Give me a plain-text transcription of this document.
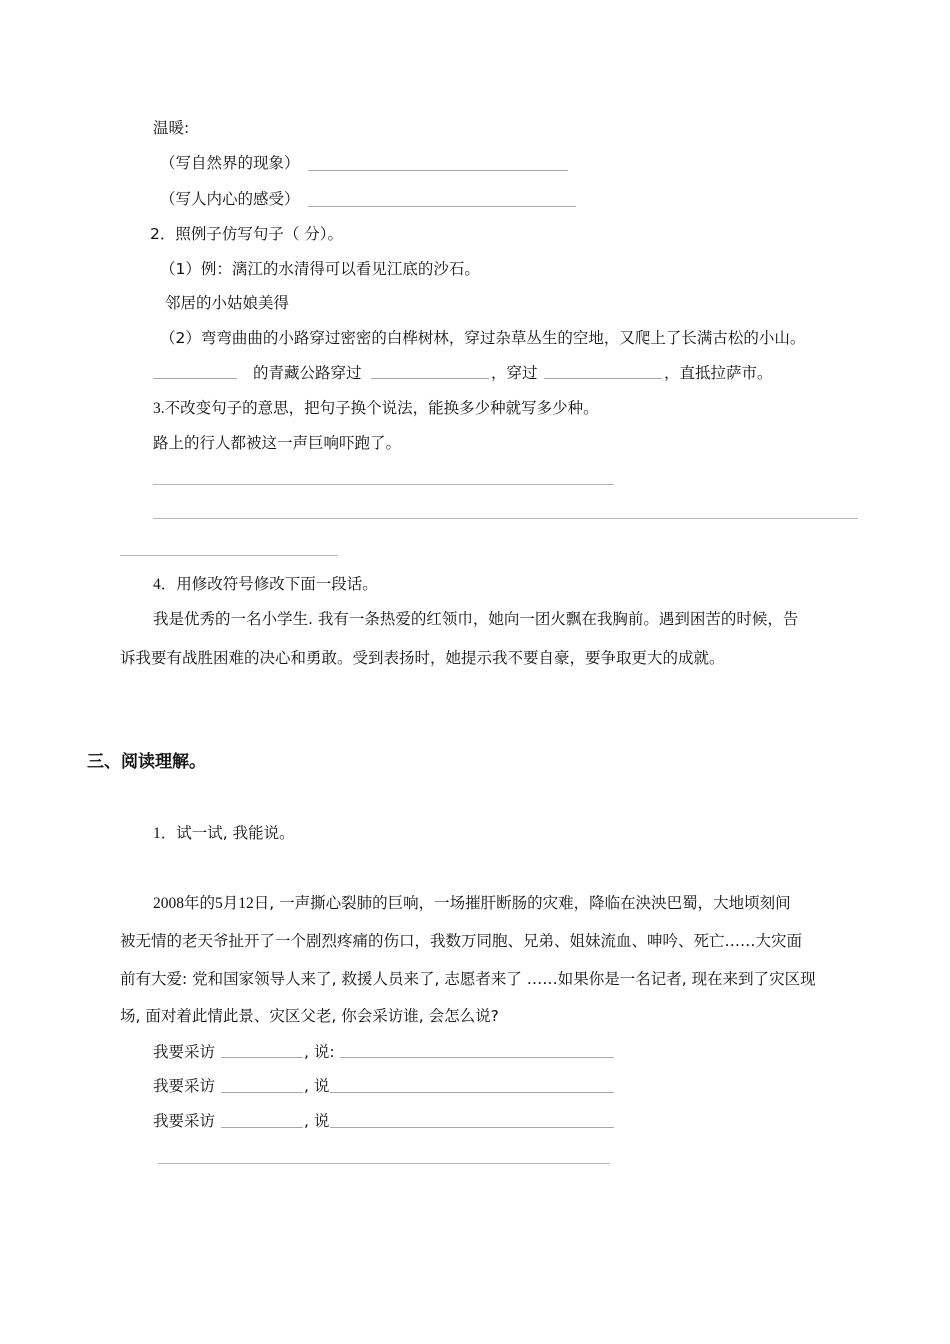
温暖:
（写自然界的现象）
（写人内心的感受）
2．照例子仿写句子（ 分）。
（1）例：漓江的水清得可以看见江底的沙石。
邻居的小姑娘美得
（2）弯弯曲曲的小路穿过密密的白桦树林，穿过杂草丛生的空地，又爬上了长满古松的小山。
的青藏公路穿过	，穿过	，直抵拉萨市。
3.不改变句子的意思，把句子换个说法，能换多少种就写多少种。
路上的行人都被这一声巨响吓跑了。
4．用修改符号修改下面一段话。
我是优秀的一名小学生. 我有一条热爱的红领巾，她向一团火飘在我胸前。遇到困苦的时候，告
诉我要有战胜困难的决心和勇敢。受到表扬时，她提示我不要自豪，要争取更大的成就。
三、阅读理解。
1．试一试, 我能说。
2008年的5月12日, 一声撕心裂肺的巨响，一场摧肝断肠的灾难，降临在泱泱巴蜀，大地顷刻间
被无情的老天爷扯开了一个剧烈疼痛的伤口，我数万同胞、兄弟、姐妹流血、呻吟、死亡……大灾面
前有大爱: 党和国家领导人来了, 救援人员来了, 志愿者来了 ……如果你是一名记者, 现在来到了灾区现
场, 面对着此情此景、灾区父老, 你会采访谁, 会怎么说?
我要采访	, 说:
我要采访	, 说
我要采访	, 说
